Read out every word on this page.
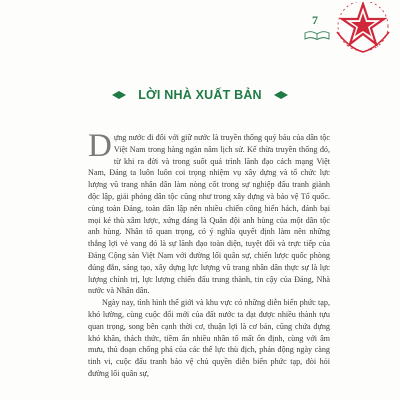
7
LỜI NHÀ XUẤT BẢN

Dựng nước đi đôi với giữ nước là truyền thống quý báu của dân tộc Việt Nam trong hàng ngàn năm lịch sử. Kế thừa truyền thống đó, từ khi ra đời và trong suốt quá trình lãnh đạo cách mạng Việt Nam, Đảng ta luôn luôn coi trọng nhiệm vụ xây dựng và tổ chức lực lượng vũ trang nhân dân làm nòng cốt trong sự nghiệp đấu tranh giành độc lập, giải phóng dân tộc cũng như trong xây dựng và bảo vệ Tổ quốc. cùng toàn Đảng, toàn dân lập nên nhiều chiến công hiển hách, đánh bại mọi kẻ thù xâm lược, xứng đáng là Quân đội anh hùng của một dân tộc anh hùng. Nhân tố quan trọng, có ý nghĩa quyết định làm nên những thắng lợi vẻ vang đó là sự lãnh đạo toàn diện, tuyệt đối và trực tiếp của Đảng Cộng sản Việt Nam với đường lối quân sự, chiến lược quốc phòng đúng đắn, sáng tạo, xây dựng lực lượng vũ trang nhân dân thực sự là lực lượng chính trị, lực lượng chiến đấu trung thành, tin cậy của Đảng, Nhà nước và Nhân dân.

Ngày nay, tình hình thế giới và khu vực có những diễn biến phức tạp, khó lường, cùng cuộc đổi mới của đất nước ta đạt được nhiều thành tựu quan trọng, song bên cạnh thời cơ, thuận lợi là cơ bản, cũng chứa đựng khó khăn, thách thức, tiềm ẩn nhiều nhân tố mất ổn định, cùng với âm mưu, thủ đoạn chống phá của các thế lực thù địch, phản động ngày càng tinh vi, cuộc đấu tranh bảo vệ chủ quyền diễn biến phức tạp, đòi hỏi đường lối quân sự,
